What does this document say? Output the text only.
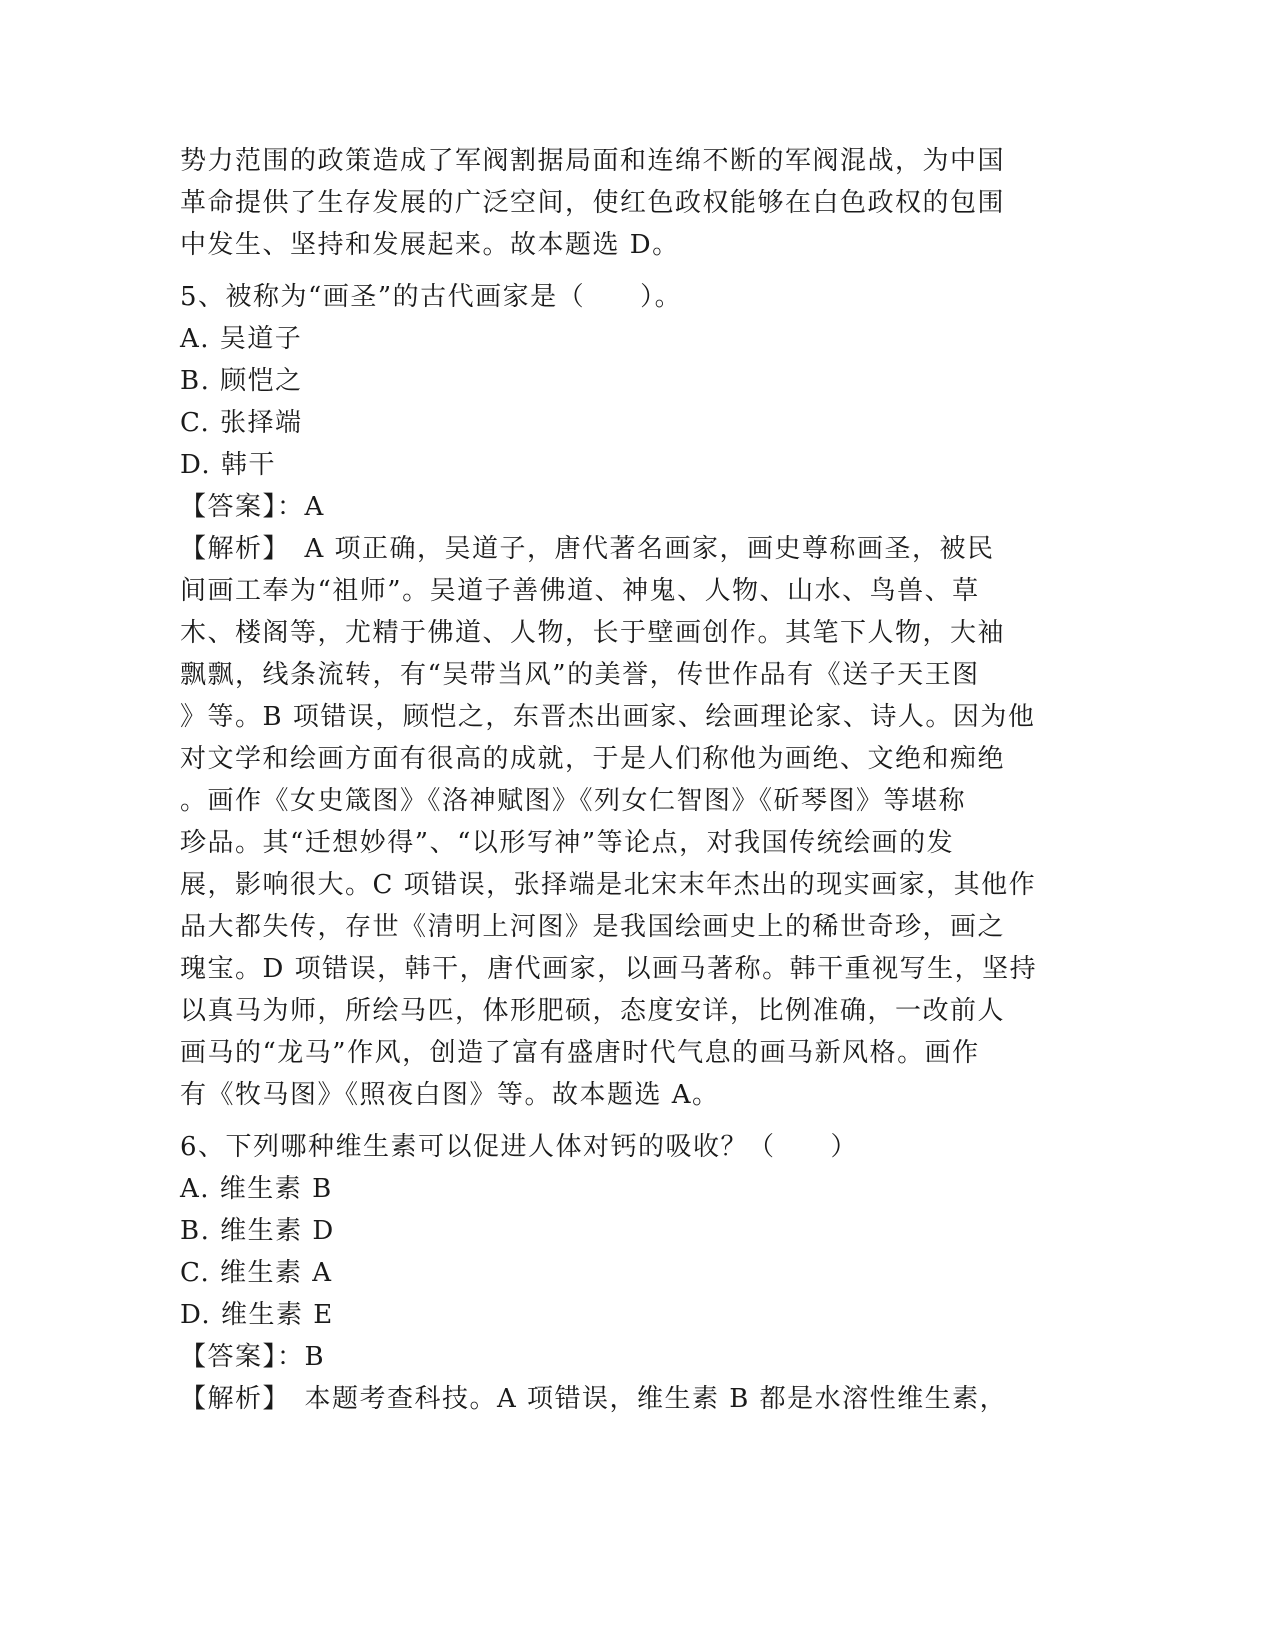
势力范围的政策造成了军阀割据局面和连绵不断的军阀混战，为中国
革命提供了生存发展的广泛空间，使红色政权能够在白色政权的包围
中发生、坚持和发展起来。故本题选 D。
5、被称为“画圣”的古代画家是（　　）。
A. 吴道子
B. 顾恺之
C. 张择端
D. 韩干
【答案】：A
【解析】　A 项正确，吴道子，唐代著名画家，画史尊称画圣，被民
间画工奉为“祖师”。吴道子善佛道、神鬼、人物、山水、鸟兽、草
木、楼阁等，尤精于佛道、人物，长于壁画创作。其笔下人物，大袖
飘飘，线条流转，有“吴带当风”的美誉，传世作品有《送子天王图
》等。B 项错误，顾恺之，东晋杰出画家、绘画理论家、诗人。因为他
对文学和绘画方面有很高的成就，于是人们称他为画绝、文绝和痴绝
。画作《女史箴图》《洛神赋图》《列女仁智图》《斫琴图》等堪称
珍品。其“迁想妙得”、“以形写神”等论点，对我国传统绘画的发
展，影响很大。C 项错误，张择端是北宋末年杰出的现实画家，其他作
品大都失传，存世《清明上河图》是我国绘画史上的稀世奇珍，画之
瑰宝。D 项错误，韩干，唐代画家，以画马著称。韩干重视写生，坚持
以真马为师，所绘马匹，体形肥硕，态度安详，比例准确，一改前人
画马的“龙马”作风，创造了富有盛唐时代气息的画马新风格。画作
有《牧马图》《照夜白图》等。故本题选 A。
6、下列哪种维生素可以促进人体对钙的吸收？（　　）
A. 维生素 B
B. 维生素 D
C. 维生素 A
D. 维生素 E
【答案】：B
【解析】　本题考查科技。A 项错误，维生素 B 都是水溶性维生素，
